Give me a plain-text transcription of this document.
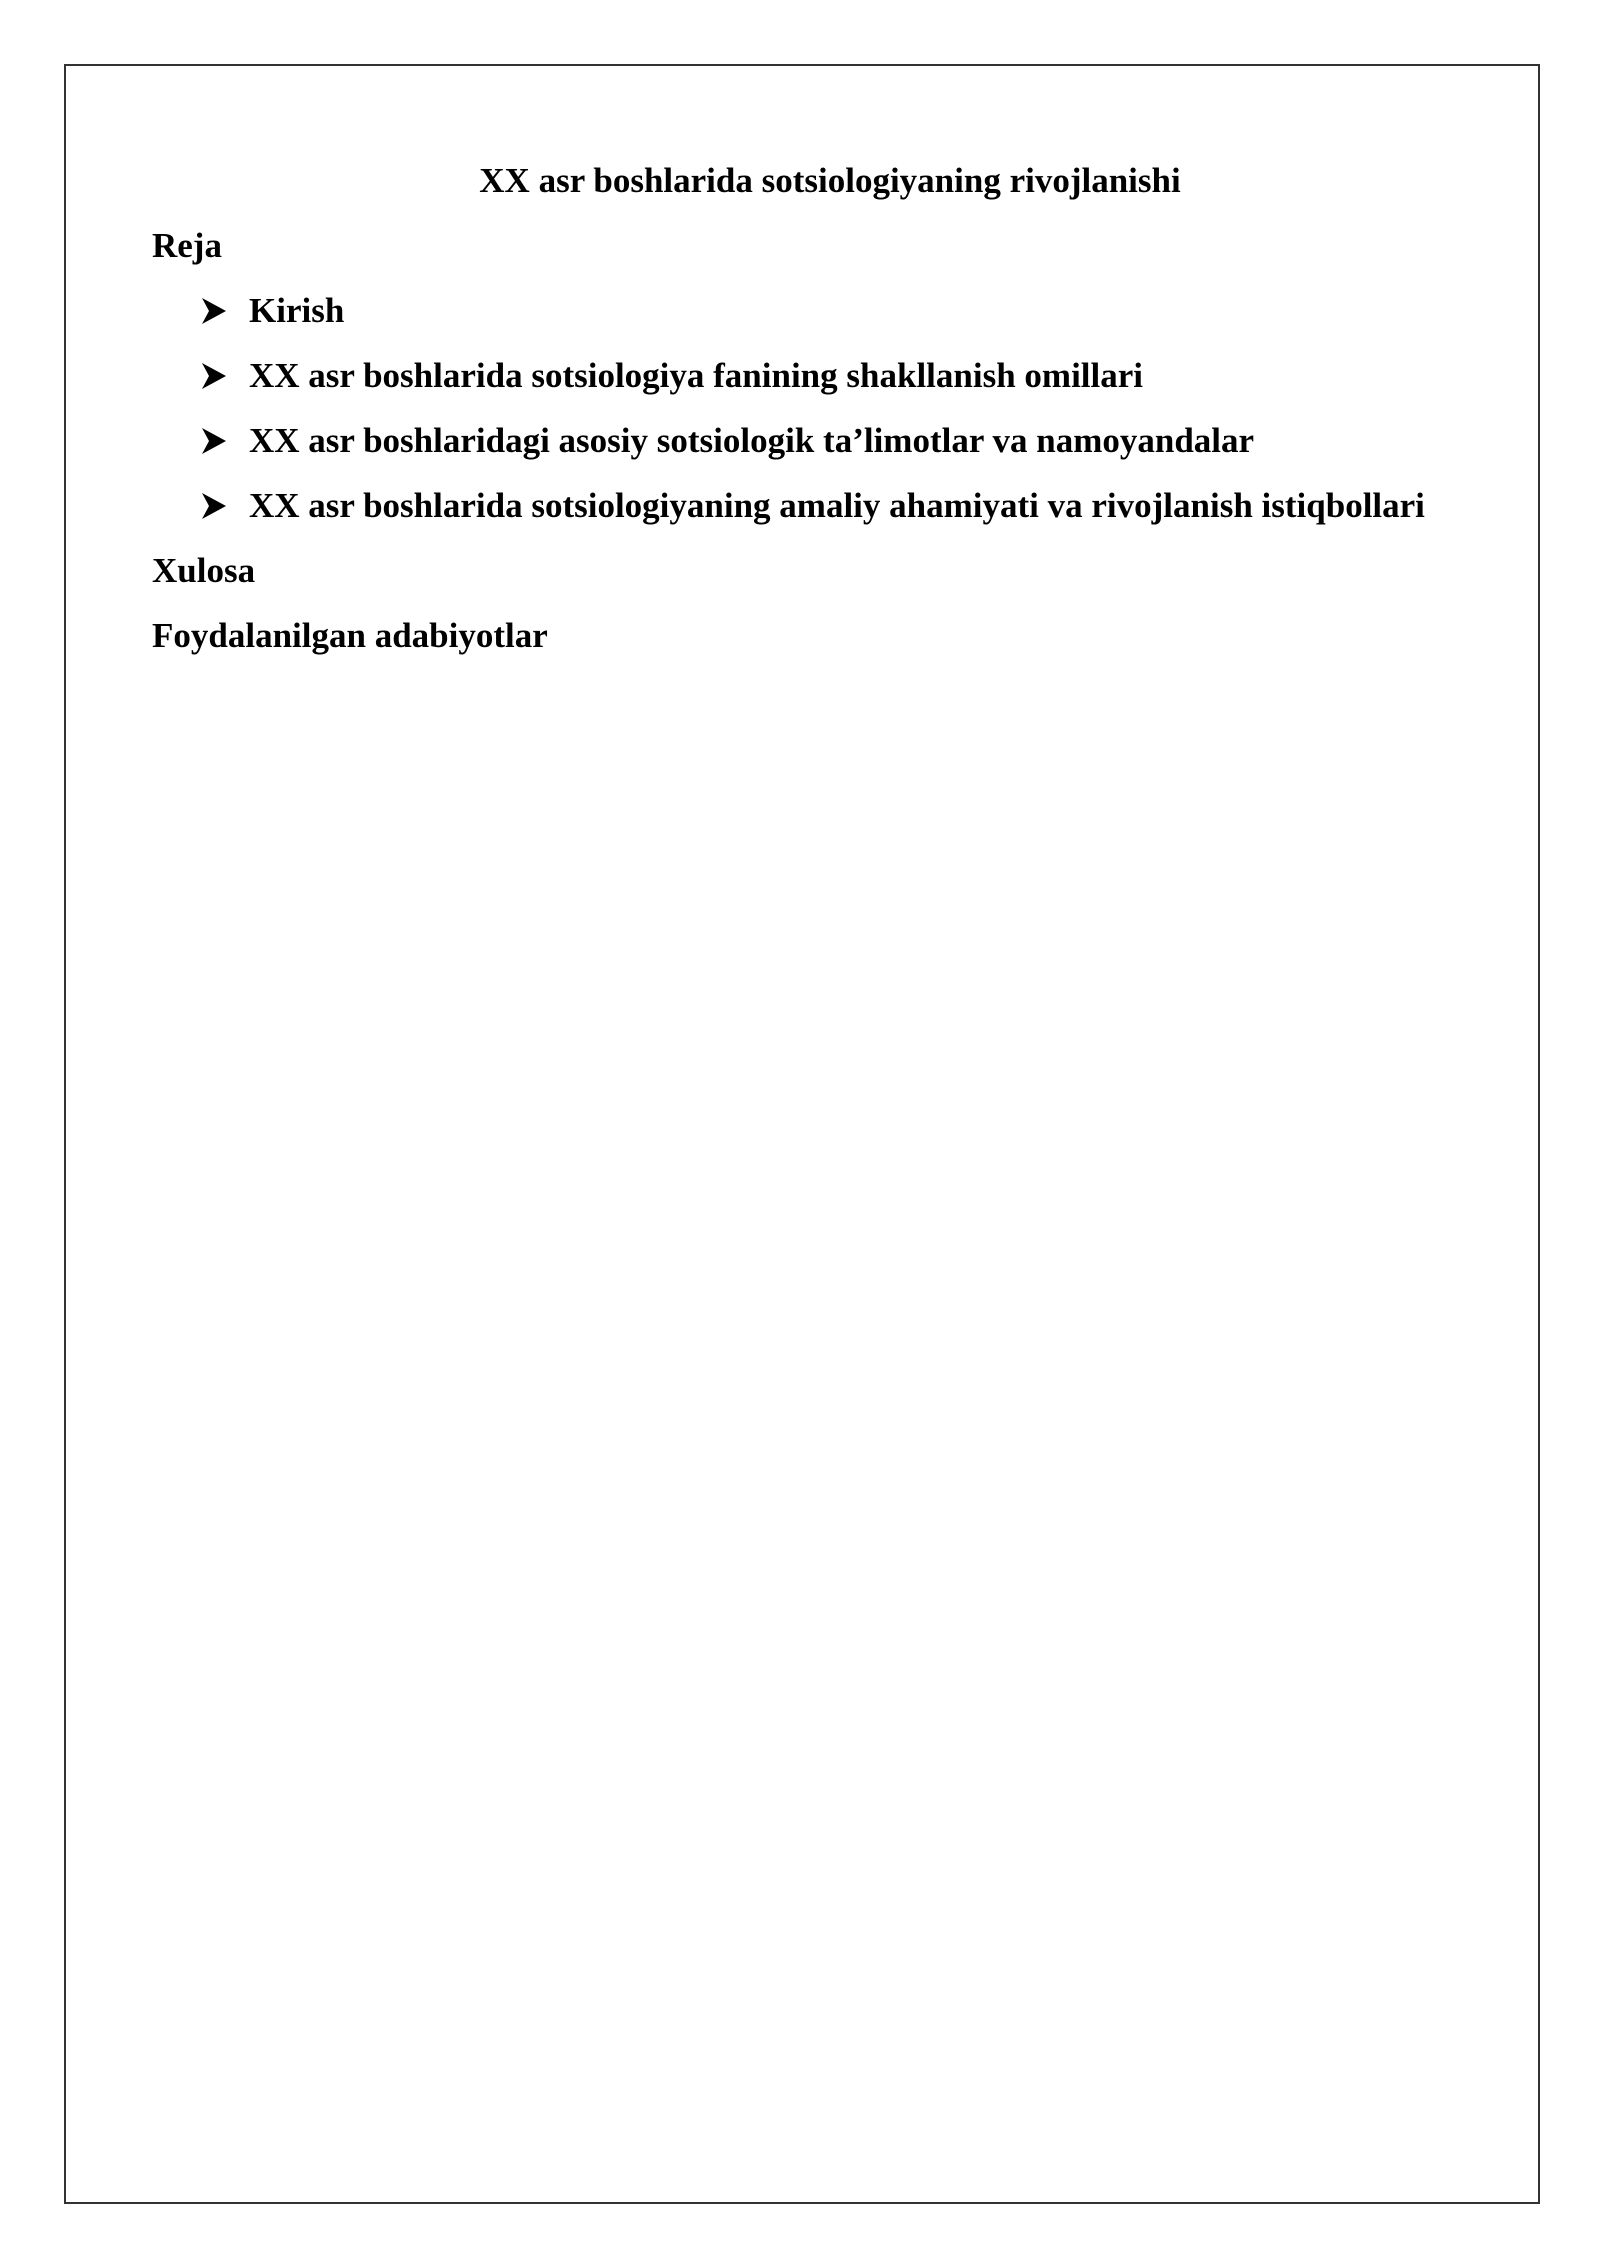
XX asr boshlarida sotsiologiyaning rivojlanishi

Reja

Kirish
XX asr boshlarida sotsiologiya fanining shakllanish omillari
XX asr boshlaridagi asosiy sotsiologik ta’limotlar va namoyandalar
XX asr boshlarida sotsiologiyaning amaliy ahamiyati va rivojlanish istiqbollari

Xulosa

Foydalanilgan adabiyotlar
